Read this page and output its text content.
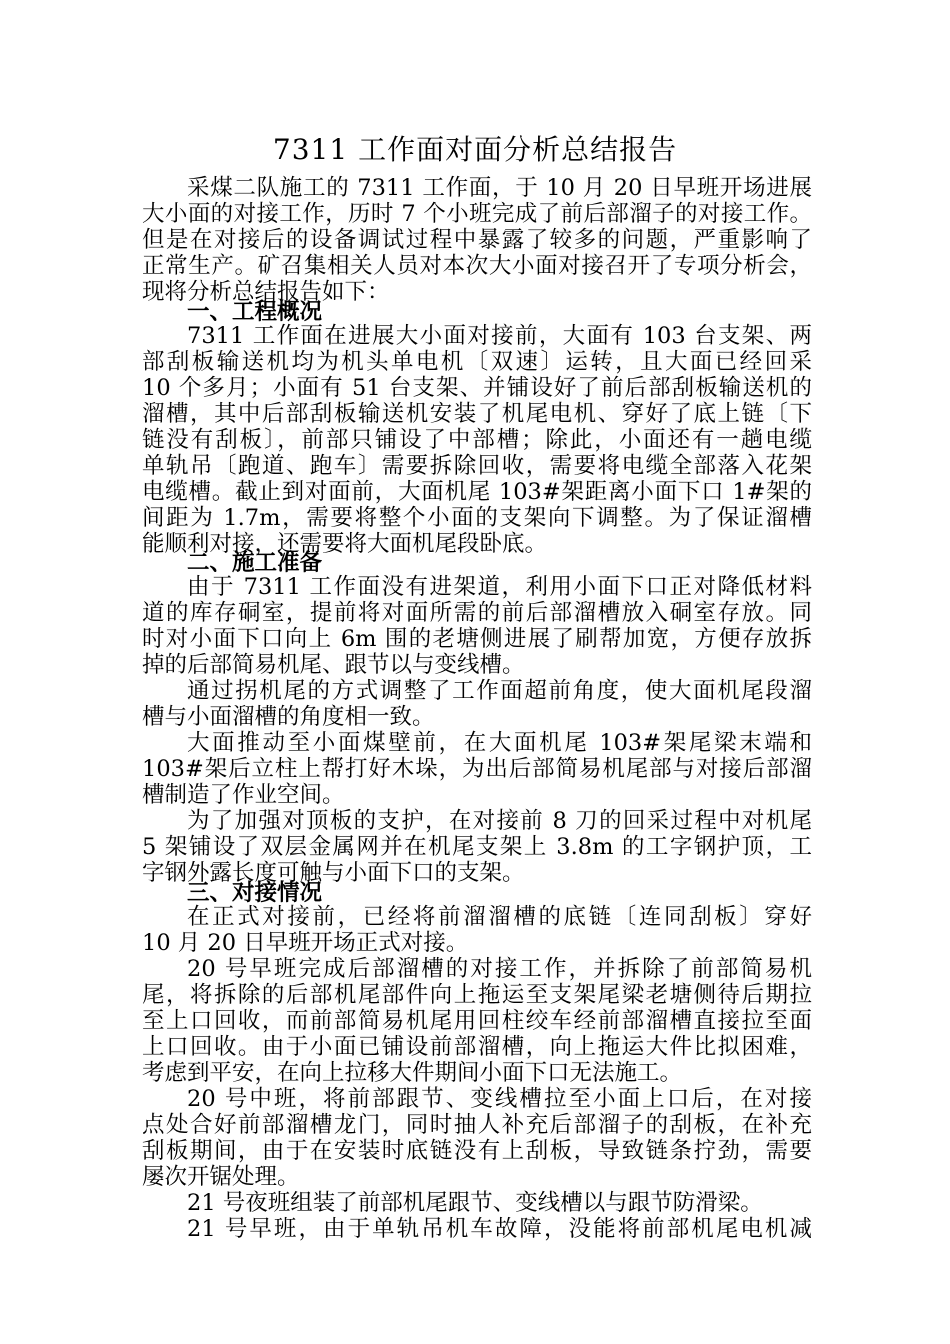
7311 工作面对面分析总结报告
采煤二队施工的 7311 工作面，于 10 月 20 日早班开场进展
大小面的对接工作，历时 7 个小班完成了前后部溜子的对接工作。
但是在对接后的设备调试过程中暴露了较多的问题，严重影响了
正常生产。矿召集相关人员对本次大小面对接召开了专项分析会，
现将分析总结报告如下：
一、工程概况
7311 工作面在进展大小面对接前，大面有 103 台支架、两
部刮板输送机均为机头单电机〔双速〕运转，且大面已经回采
10 个多月；小面有 51 台支架、并铺设好了前后部刮板输送机的
溜槽，其中后部刮板输送机安装了机尾电机、穿好了底上链〔下
链没有刮板〕，前部只铺设了中部槽；除此，小面还有一趟电缆
单轨吊〔跑道、跑车〕需要拆除回收，需要将电缆全部落入花架
电缆槽。截止到对面前，大面机尾 103#架距离小面下口 1#架的
间距为 1.7m，需要将整个小面的支架向下调整。为了保证溜槽
能顺利对接，还需要将大面机尾段卧底。
二、施工准备
由于 7311 工作面没有进架道，利用小面下口正对降低材料
道的库存硐室，提前将对面所需的前后部溜槽放入硐室存放。同
时对小面下口向上 6m 围的老塘侧进展了刷帮加宽，方便存放拆
掉的后部简易机尾、跟节以与变线槽。
通过拐机尾的方式调整了工作面超前角度，使大面机尾段溜
槽与小面溜槽的角度相一致。
大面推动至小面煤壁前，在大面机尾 103#架尾梁末端和
103#架后立柱上帮打好木垛，为出后部简易机尾部与对接后部溜
槽制造了作业空间。
为了加强对顶板的支护，在对接前 8 刀的回采过程中对机尾
5 架铺设了双层金属网并在机尾支架上 3.8m 的工字钢护顶，工
字钢外露长度可触与小面下口的支架。
三、对接情况
在正式对接前，已经将前溜溜槽的底链〔连同刮板〕穿好
10 月 20 日早班开场正式对接。
20 号早班完成后部溜槽的对接工作，并拆除了前部简易机
尾，将拆除的后部机尾部件向上拖运至支架尾梁老塘侧待后期拉
至上口回收，而前部简易机尾用回柱绞车经前部溜槽直接拉至面
上口回收。由于小面已铺设前部溜槽，向上拖运大件比拟困难，
考虑到平安，在向上拉移大件期间小面下口无法施工。
20 号中班，将前部跟节、变线槽拉至小面上口后，在对接
点处合好前部溜槽龙门，同时抽人补充后部溜子的刮板，在补充
刮板期间，由于在安装时底链没有上刮板，导致链条拧劲，需要
屡次开锯处理。
21 号夜班组装了前部机尾跟节、变线槽以与跟节防滑梁。
21 号早班，由于单轨吊机车故障，没能将前部机尾电机减
